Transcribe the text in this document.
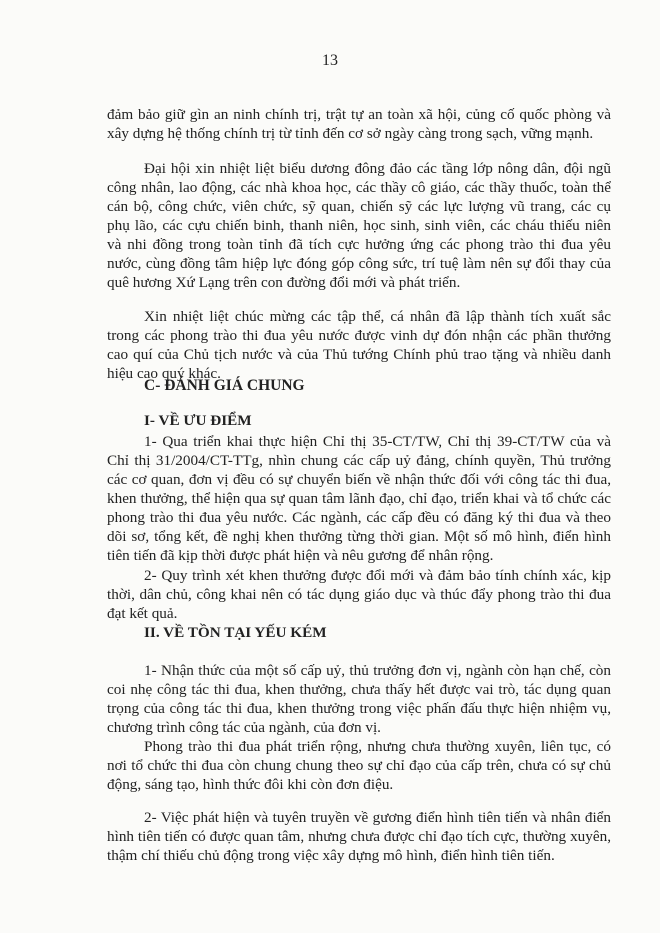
13
đảm bảo giữ gìn an ninh chính trị, trật tự an toàn xã hội, củng cố quốc phòng và
xây dựng hệ thống chính trị từ tỉnh đến cơ sở ngày càng trong sạch, vững mạnh.
Đại hội xin nhiệt liệt biểu dương đông đảo các tầng lớp nông dân, đội ngũ
công nhân, lao động, các nhà khoa học, các thầy cô giáo, các thầy thuốc, toàn thể
cán bộ, công chức, viên chức, sỹ quan, chiến sỹ các lực lượng vũ trang, các cụ
phụ lão, các cựu chiến binh, thanh niên, học sinh, sinh viên, các cháu thiếu niên
và nhi đồng trong toàn tỉnh đã tích cực hưởng ứng các phong trào thi đua yêu
nước, cùng đồng tâm hiệp lực đóng góp công sức, trí tuệ làm nên sự đổi thay của
quê hương Xứ Lạng trên con đường đổi mới và phát triển.
Xin nhiệt liệt chúc mừng các tập thể, cá nhân đã lập thành tích xuất sắc
trong các phong trào thi đua yêu nước được vinh dự đón nhận các phần thưởng
cao quí của Chủ tịch nước và của Thủ tướng Chính phủ trao tặng và nhiều danh
hiệu cao quý khác.
C- ĐÁNH GIÁ CHUNG
I- VỀ ƯU ĐIỂM
1- Qua triển khai thực hiện Chỉ thị 35-CT/TW, Chỉ thị 39-CT/TW của và
Chỉ thị 31/2004/CT-TTg, nhìn chung các cấp uỷ đảng, chính quyền, Thủ trưởng
các cơ quan, đơn vị đều có sự chuyển biến về nhận thức đối với công tác thi đua,
khen thưởng, thể hiện qua sự quan tâm lãnh đạo, chỉ đạo, triển khai và tổ chức các
phong trào thi đua yêu nước. Các ngành, các cấp đều có đăng ký thi đua và theo
dõi sơ, tổng kết, đề nghị khen thưởng từng thời gian. Một số mô hình, điển hình
tiên tiến đã kịp thời được phát hiện và nêu gương để nhân rộng.
2- Quy trình xét khen thưởng được đổi mới và đảm bảo tính chính xác, kịp
thời, dân chủ, công khai nên có tác dụng giáo dục và thúc đẩy phong trào thi đua
đạt kết quả.
II. VỀ TỒN TẠI YẾU KÉM
1- Nhận thức của một số cấp uỷ, thủ trưởng đơn vị, ngành còn hạn chế, còn
coi nhẹ công tác thi đua, khen thưởng, chưa thấy hết được vai trò, tác dụng quan
trọng của công tác thi đua, khen thưởng trong việc phấn đấu thực hiện nhiệm vụ,
chương trình công tác của ngành, của đơn vị.
Phong trào thi đua phát triển rộng, nhưng chưa thường xuyên, liên tục, có
nơi tổ chức thi đua còn chung chung theo sự chỉ đạo của cấp trên, chưa có sự chủ
động, sáng tạo, hình thức đôi khi còn đơn điệu.
2- Việc phát hiện và tuyên truyền về gương điển hình tiên tiến và nhân điển
hình tiên tiến có được quan tâm, nhưng chưa được chỉ đạo tích cực, thường xuyên,
thậm chí thiếu chủ động trong việc xây dựng mô hình, điển hình tiên tiến.
